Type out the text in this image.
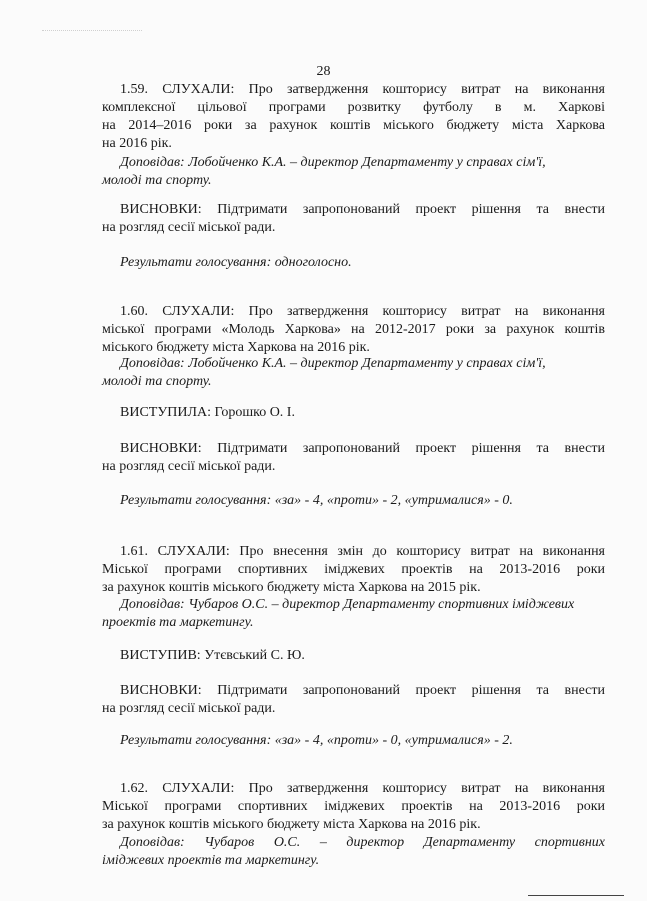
28
1.59. СЛУХАЛИ: Про затвердження кошторису витрат на виконання
комплексної цільової програми розвитку футболу в м. Харкові
на 2014–2016 роки за рахунок коштів міського бюджету міста Харкова
на 2016 рік.
Доповідав: Лобойченко К.А. – директор Департаменту у справах сім'ї,
молоді та спорту.
ВИСНОВКИ: Підтримати запропонований проект рішення та внести
на розгляд сесії міської ради.
Результати голосування: одноголосно.
1.60. СЛУХАЛИ: Про затвердження кошторису витрат на виконання
міської програми «Молодь Харкова» на 2012-2017 роки за рахунок коштів
міського бюджету міста Харкова на 2016 рік.
Доповідав: Лобойченко К.А. – директор Департаменту у справах сім'ї,
молоді та спорту.
ВИСТУПИЛА: Горошко О. І.
ВИСНОВКИ: Підтримати запропонований проект рішення та внести
на розгляд сесії міської ради.
Результати голосування: «за» - 4, «проти» - 2, «утрималися» - 0.
1.61. СЛУХАЛИ: Про внесення змін до кошторису витрат на виконання
Міської програми спортивних іміджевих проектів на 2013-2016 роки
за рахунок коштів міського бюджету міста Харкова на 2015 рік.
Доповідав: Чубаров О.С. – директор Департаменту спортивних іміджевих
проектів та маркетингу.
ВИСТУПИВ: Утєвський С. Ю.
ВИСНОВКИ: Підтримати запропонований проект рішення та внести
на розгляд сесії міської ради.
Результати голосування: «за» - 4, «проти» - 0, «утрималися» - 2.
1.62. СЛУХАЛИ: Про затвердження кошторису витрат на виконання
Міської програми спортивних іміджевих проектів на 2013-2016 роки
за рахунок коштів міського бюджету міста Харкова на 2016 рік.
Доповідав: Чубаров О.С. – директор Департаменту спортивних
іміджевих проектів та маркетингу.
